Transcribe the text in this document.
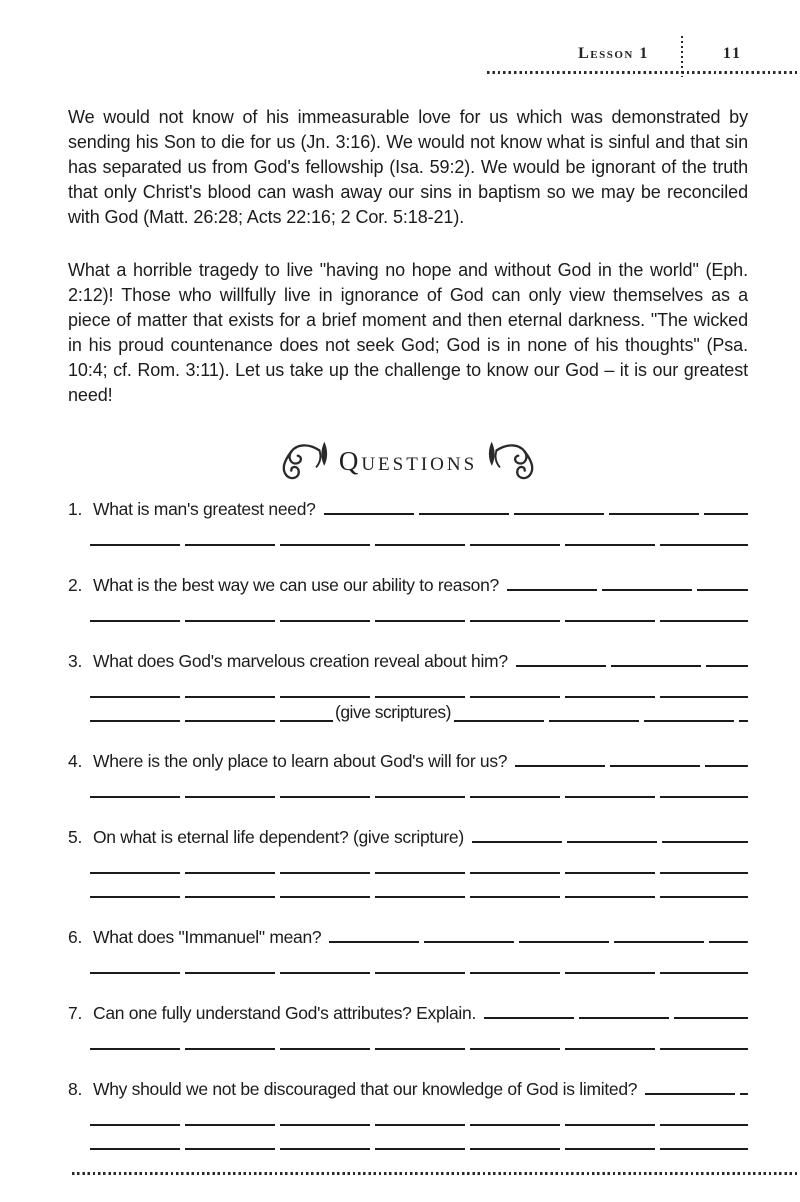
Lesson 1	11

We would not know of his immeasurable love for us which was demonstrated by sending his Son to die for us (Jn. 3:16). We would not know what is sinful and that sin has separated us from God's fellowship (Isa. 59:2). We would be ignorant of the truth that only Christ's blood can wash away our sins in baptism so we may be reconciled with God (Matt. 26:28; Acts 22:16; 2 Cor. 5:18-21).

What a horrible tragedy to live "having no hope and without God in the world" (Eph. 2:12)! Those who willfully live in ignorance of God can only view themselves as a piece of matter that exists for a brief moment and then eternal darkness. "The wicked in his proud countenance does not seek God; God is in none of his thoughts" (Psa. 10:4; cf. Rom. 3:11). Let us take up the challenge to know our God – it is our greatest need!

Questions
1. What is man's greatest need?
2. What is the best way we can use our ability to reason?
3. What does God's marvelous creation reveal about him?
(give scriptures)
4. Where is the only place to learn about God's will for us?
5. On what is eternal life dependent? (give scripture)
6. What does "Immanuel" mean?
7. Can one fully understand God's attributes? Explain.
8. Why should we not be discouraged that our knowledge of God is limited?
